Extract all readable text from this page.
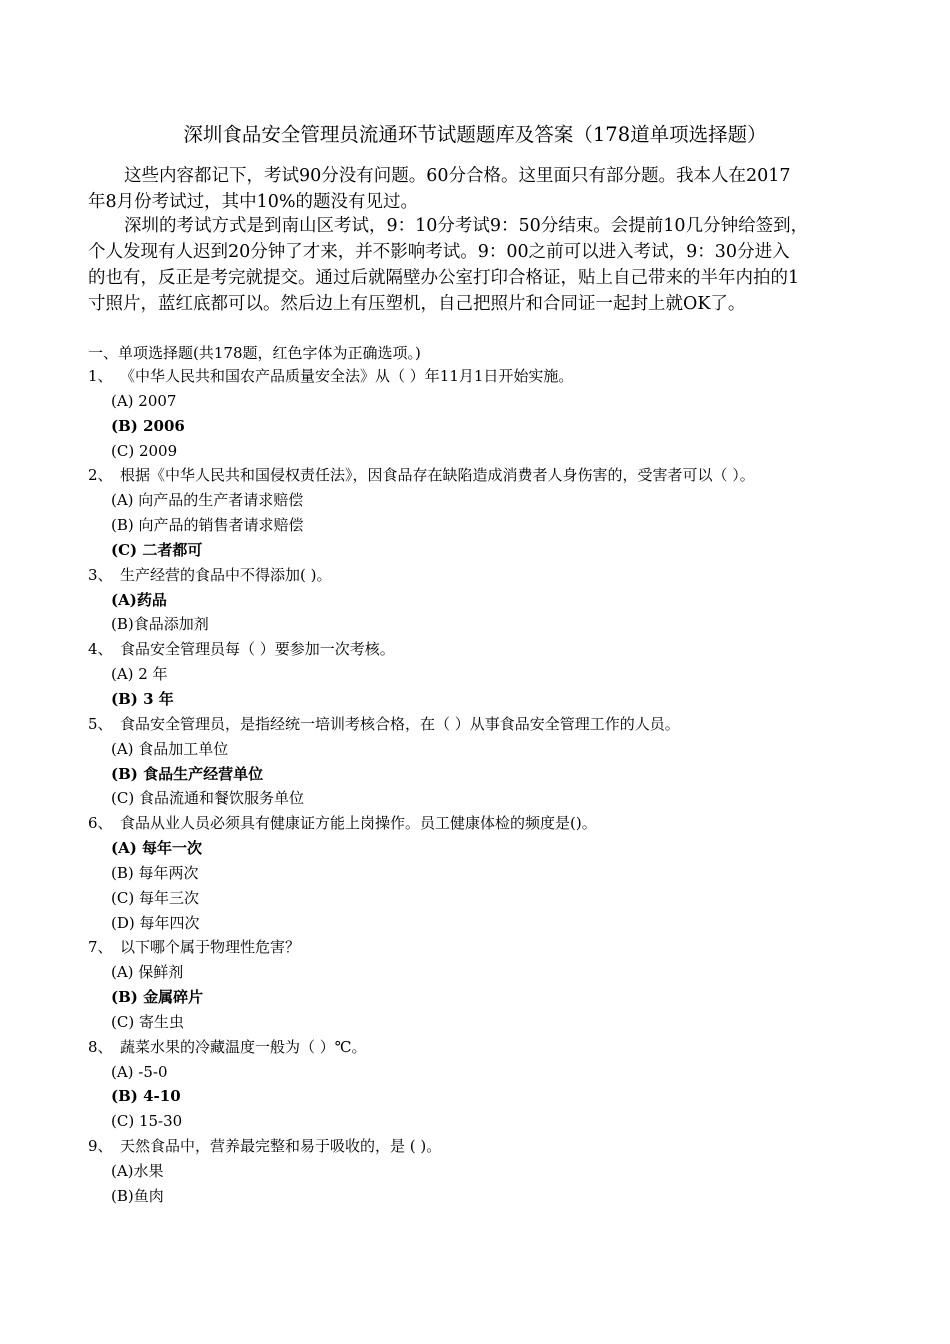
深圳食品安全管理员流通环节试题题库及答案（178道单项选择题）
这些内容都记下，考试90分没有问题。60分合格。这里面只有部分题。我本人在2017
年8月份考试过，其中10%的题没有见过。
深圳的考试方式是到南山区考试，9：10分考试9：50分结束。会提前10几分钟给签到，
个人发现有人迟到20分钟了才来，并不影响考试。9：00之前可以进入考试，9：30分进入
的也有，反正是考完就提交。通过后就隔壁办公室打印合格证，贴上自己带来的半年内拍的1
寸照片，蓝红底都可以。然后边上有压塑机，自己把照片和合同证一起封上就OK了。
一、单项选择题(共178题，红色字体为正确选项。)
1、 《中华人民共和国农产品质量安全法》从（ ）年11月1日开始实施。
(A) 2007
(B) 2006
(C) 2009
2、 根据《中华人民共和国侵权责任法》，因食品存在缺陷造成消费者人身伤害的，受害者可以（ ）。
(A) 向产品的生产者请求赔偿
(B) 向产品的销售者请求赔偿
(C) 二者都可
3、 生产经营的食品中不得添加( )。
(A)药品
(B)食品添加剂
4、 食品安全管理员每（ ）要参加一次考核。
(A) 2 年
(B) 3 年
5、 食品安全管理员，是指经统一培训考核合格，在（ ）从事食品安全管理工作的人员。
(A) 食品加工单位
(B) 食品生产经营单位
(C) 食品流通和餐饮服务单位
6、 食品从业人员必须具有健康证方能上岗操作。员工健康体检的频度是()。
(A) 每年一次
(B) 每年两次
(C) 每年三次
(D) 每年四次
7、 以下哪个属于物理性危害？
(A) 保鲜剂
(B) 金属碎片
(C) 寄生虫
8、 蔬菜水果的冷藏温度一般为（ ）℃。
(A) -5-0
(B) 4-10
(C) 15-30
9、 天然食品中，营养最完整和易于吸收的，是 ( )。
(A)水果
(B)鱼肉
